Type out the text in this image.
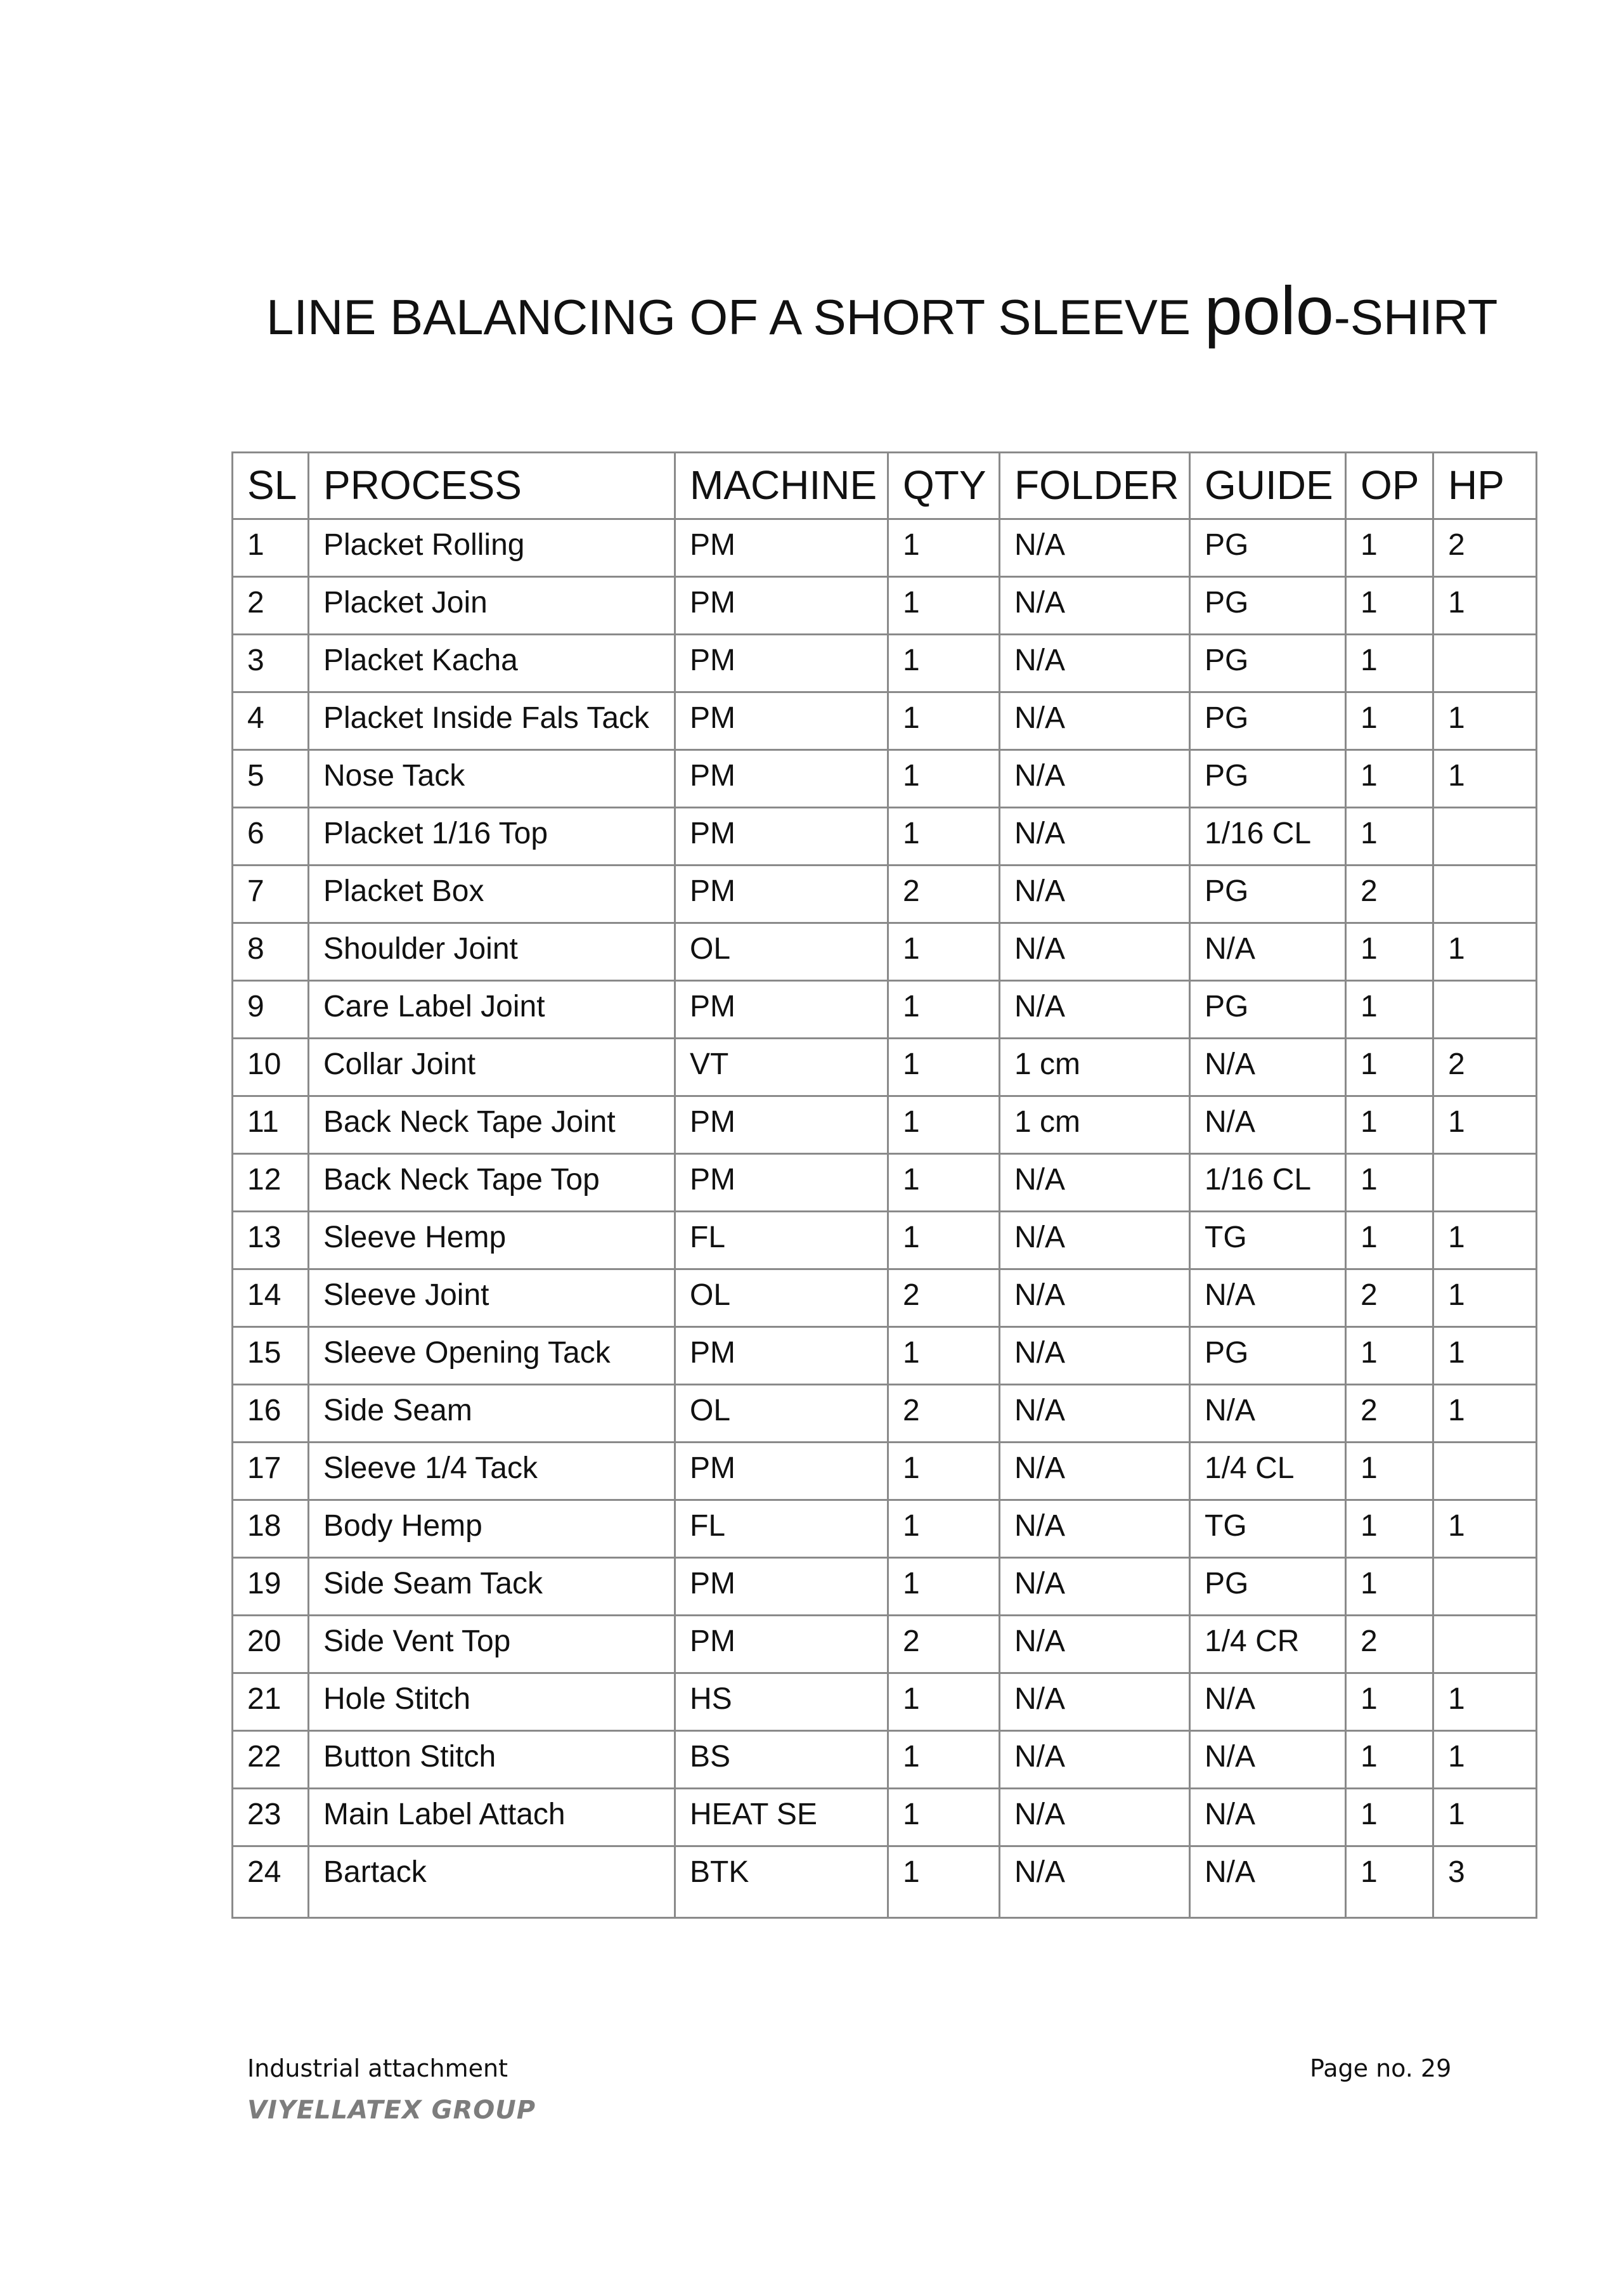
LINE BALANCING OF A SHORT SLEEVE polo-SHIRT
SL	PROCESS	MACHINE	QTY	FOLDER	GUIDE	OP	HP
1	Placket Rolling	PM	1	N/A	PG	1	2
2	Placket Join	PM	1	N/A	PG	1	1
3	Placket Kacha	PM	1	N/A	PG	1	
4	Placket Inside Fals Tack	PM	1	N/A	PG	1	1
5	Nose Tack	PM	1	N/A	PG	1	1
6	Placket 1/16 Top	PM	1	N/A	1/16 CL	1	
7	Placket Box	PM	2	N/A	PG	2	
8	Shoulder Joint	OL	1	N/A	N/A	1	1
9	Care Label Joint	PM	1	N/A	PG	1	
10	Collar Joint	VT	1	1 cm	N/A	1	2
11	Back Neck Tape Joint	PM	1	1 cm	N/A	1	1
12	Back Neck Tape Top	PM	1	N/A	1/16 CL	1	
13	Sleeve Hemp	FL	1	N/A	TG	1	1
14	Sleeve Joint	OL	2	N/A	N/A	2	1
15	Sleeve Opening Tack	PM	1	N/A	PG	1	1
16	Side Seam	OL	2	N/A	N/A	2	1
17	Sleeve 1/4 Tack	PM	1	N/A	1/4 CL	1	
18	Body Hemp	FL	1	N/A	TG	1	1
19	Side Seam Tack	PM	1	N/A	PG	1	
20	Side Vent Top	PM	2	N/A	1/4 CR	2	
21	Hole Stitch	HS	1	N/A	N/A	1	1
22	Button Stitch	BS	1	N/A	N/A	1	1
23	Main Label Attach	HEAT SE	1	N/A	N/A	1	1
24	Bartack	BTK	1	N/A	N/A	1	3
Industrial attachment
VIYELLATEX GROUP
Page no. 29
